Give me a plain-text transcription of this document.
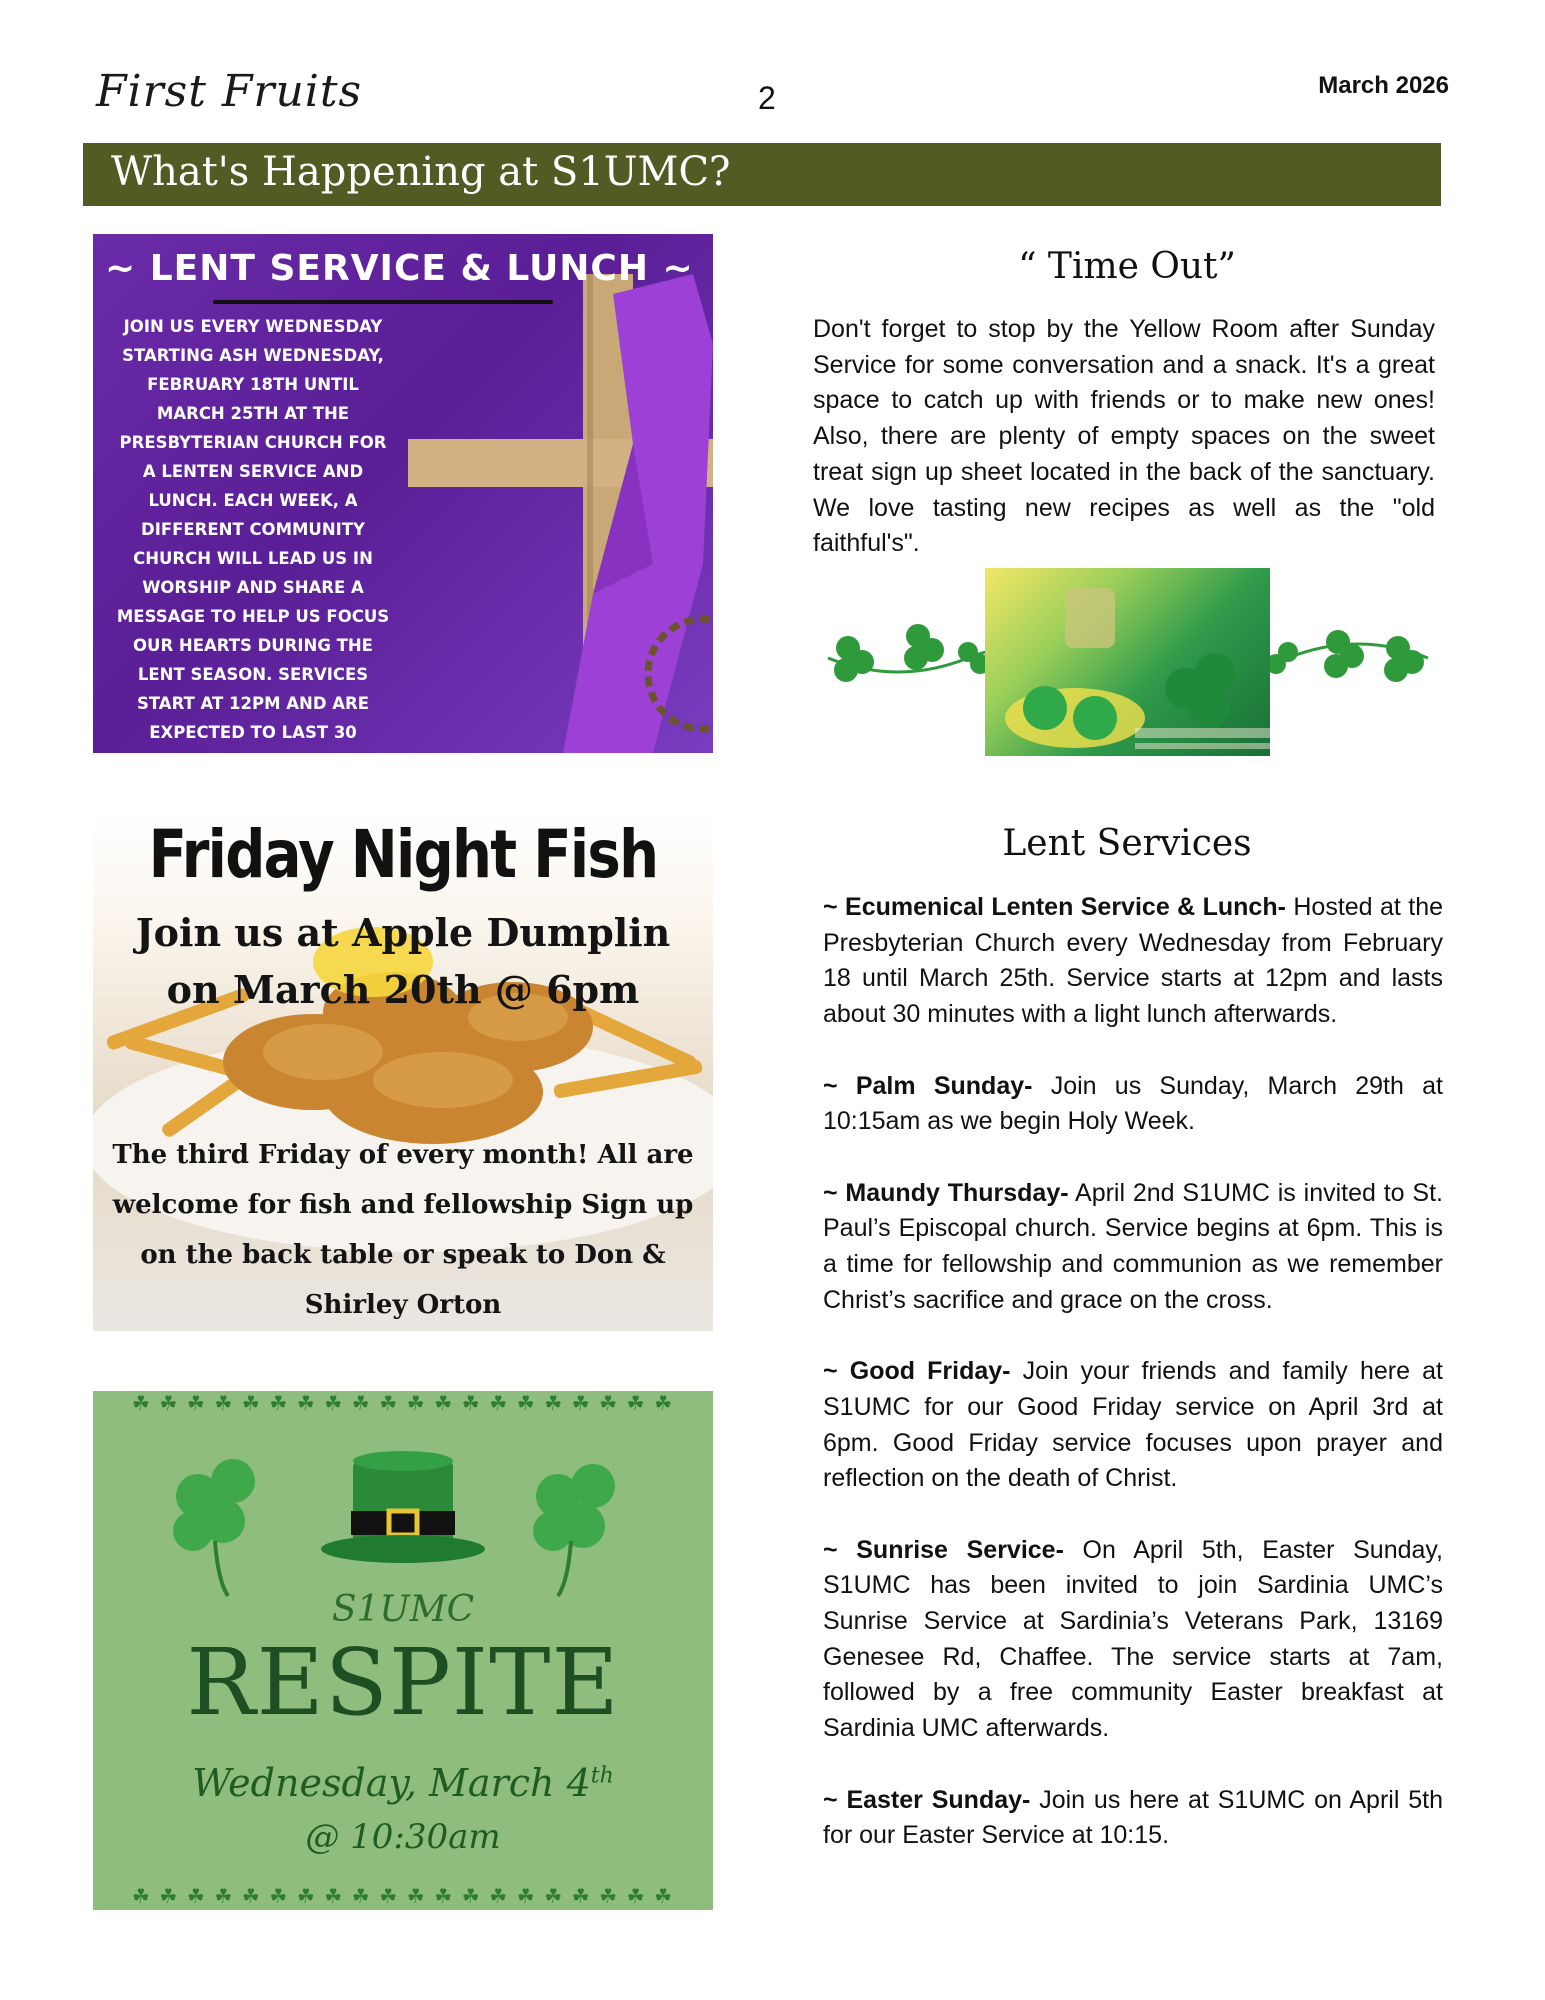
First Fruits	2	March 2026
What's Happening at S1UMC?
~ LENT SERVICE & LUNCH ~
JOIN US EVERY WEDNESDAY STARTING ASH WEDNESDAY, FEBRUARY 18TH UNTIL MARCH 25TH AT THE PRESBYTERIAN CHURCH FOR A LENTEN SERVICE AND LUNCH. EACH WEEK, A DIFFERENT COMMUNITY CHURCH WILL LEAD US IN WORSHIP AND SHARE A MESSAGE TO HELP US FOCUS OUR HEARTS DURING THE LENT SEASON. SERVICES START AT 12PM AND ARE EXPECTED TO LAST 30
Friday Night Fish
Join us at Apple Dumplin
on March 20th @ 6pm
The third Friday of every month! All are welcome for fish and fellowship Sign up on the back table or speak to Don & Shirley Orton
☘ ☘ ☘ ☘ ☘ ☘ ☘ ☘ ☘ ☘ ☘ ☘ ☘ ☘ ☘ ☘ ☘ ☘ ☘ ☘
S1UMC
RESPITE
Wednesday, March 4th
@ 10:30am
☘ ☘ ☘ ☘ ☘ ☘ ☘ ☘ ☘ ☘ ☘ ☘ ☘ ☘ ☘ ☘ ☘ ☘ ☘ ☘
“ Time Out”
Don't forget to stop by the Yellow Room after Sunday Service for some conversation and a snack. It's a great space to catch up with friends or to make new ones! Also, there are plenty of empty spaces on the sweet treat sign up sheet located in the back of the sanctuary. We love tasting new recipes as well as the "old faithful's".
Lent Services
~ Ecumenical Lenten Service & Lunch- Hosted at the Presbyterian Church every Wednesday from February 18 until March 25th. Service starts at 12pm and lasts about 30 minutes with a light lunch afterwards.
~ Palm Sunday- Join us Sunday, March 29th at 10:15am as we begin Holy Week.
~ Maundy Thursday- April 2nd S1UMC is invited to St. Paul’s Episcopal church. Service begins at 6pm. This is a time for fellowship and communion as we remember Christ’s sacrifice and grace on the cross.
~ Good Friday- Join your friends and family here at S1UMC for our Good Friday service on April 3rd at 6pm. Good Friday service focuses upon prayer and reflection on the death of Christ.
~ Sunrise Service- On April 5th, Easter Sunday, S1UMC has been invited to join Sardinia UMC’s Sunrise Service at Sardinia’s Veterans Park, 13169 Genesee Rd, Chaffee. The service starts at 7am, followed by a free community Easter breakfast at Sardinia UMC afterwards.
~ Easter Sunday- Join us here at S1UMC on April 5th for our Easter Service at 10:15.
